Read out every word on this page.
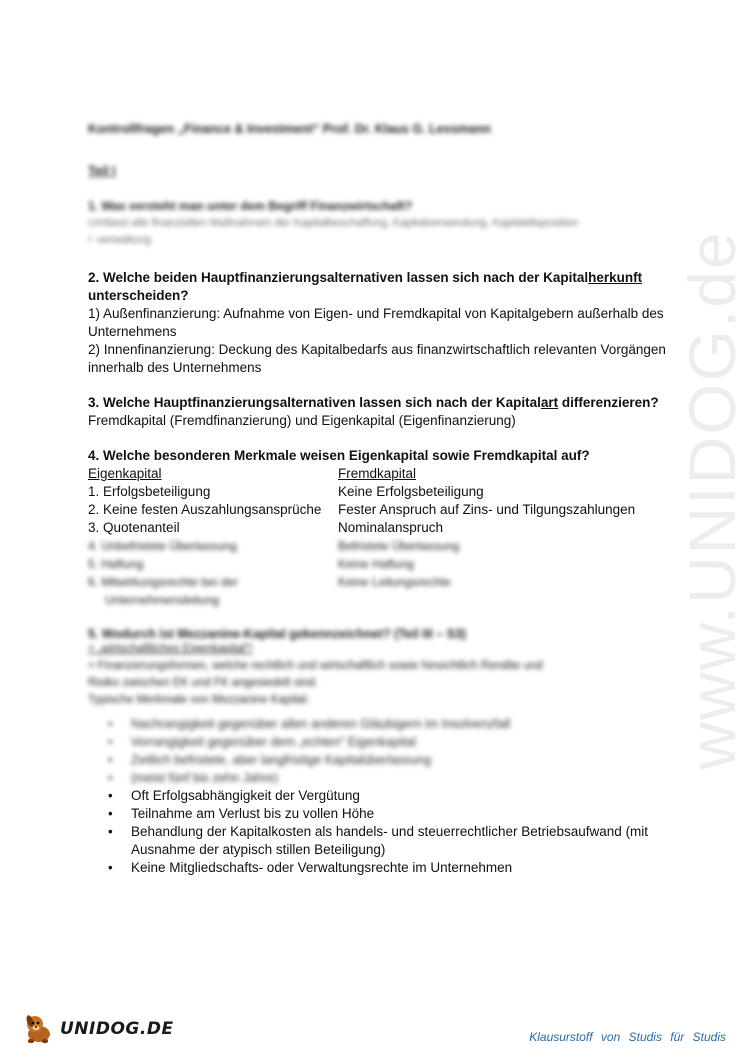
www.UNIDOG.de
Kontrollfragen „Finance & Investment“ Prof. Dr. Klaus G. Lessmann
Teil I
1. Was versteht man unter dem Begriff Finanzwirtschaft?
Umfasst alle finanziellen Maßnahmen der Kapitalbeschaffung, Kapitalverwendung, Kapitaldisposition
/ -verwaltung
2. Welche beiden Hauptfinanzierungsalternativen lassen sich nach der Kapitalherkunft
unterscheiden?
1) Außenfinanzierung: Aufnahme von Eigen- und Fremdkapital von Kapitalgebern außerhalb des Unternehmens
2) Innenfinanzierung: Deckung des Kapitalbedarfs aus finanzwirtschaftlich relevanten Vorgängen innerhalb des Unternehmens
3. Welche Hauptfinanzierungsalternativen lassen sich nach der Kapitalart differenzieren?
Fremdkapital (Fremdfinanzierung) und Eigenkapital (Eigenfinanzierung)
4. Welche besonderen Merkmale weisen Eigenkapital sowie Fremdkapital auf?
Eigenkapital	Fremdkapital
1. Erfolgsbeteiligung	Keine Erfolgsbeteiligung
2. Keine festen Auszahlungsansprüche	Fester Anspruch auf Zins- und Tilgungszahlungen
3. Quotenanteil	Nominalanspruch
4. Unbefristete Überlassung	Befristete Überlassung
5. Haftung	Keine Haftung
6. Mitwirkungsrechte bei der	Keine Leitungsrechte
Unternehmensleitung
5. Wodurch ist Mezzanine-Kapital gekennzeichnet? (Teil III – S3)
= „wirtschaftliches Eigenkapital“!
= Finanzierungsformen, welche rechtlich und wirtschaftlich sowie hinsichtlich Rendite und
Risiko zwischen EK und FK angesiedelt sind.
Typische Merkmale von Mezzanine Kapital:
• Nachrangigkeit gegenüber allen anderen Gläubigern im Insolvenzfall
• Vorrangigkeit gegenüber dem „echten“ Eigenkapital
• Zeitlich befristete, aber langfristige Kapitalüberlassung
• (meist fünf bis zehn Jahre)
• Oft Erfolgsabhängigkeit der Vergütung
• Teilnahme am Verlust bis zu vollen Höhe
• Behandlung der Kapitalkosten als handels- und steuerrechtlicher Betriebsaufwand (mit Ausnahme der atypisch stillen Beteiligung)
• Keine Mitgliedschafts- oder Verwaltungsrechte im Unternehmen
UNIDOG.DE	Klausurstoff von Studis für Studis
